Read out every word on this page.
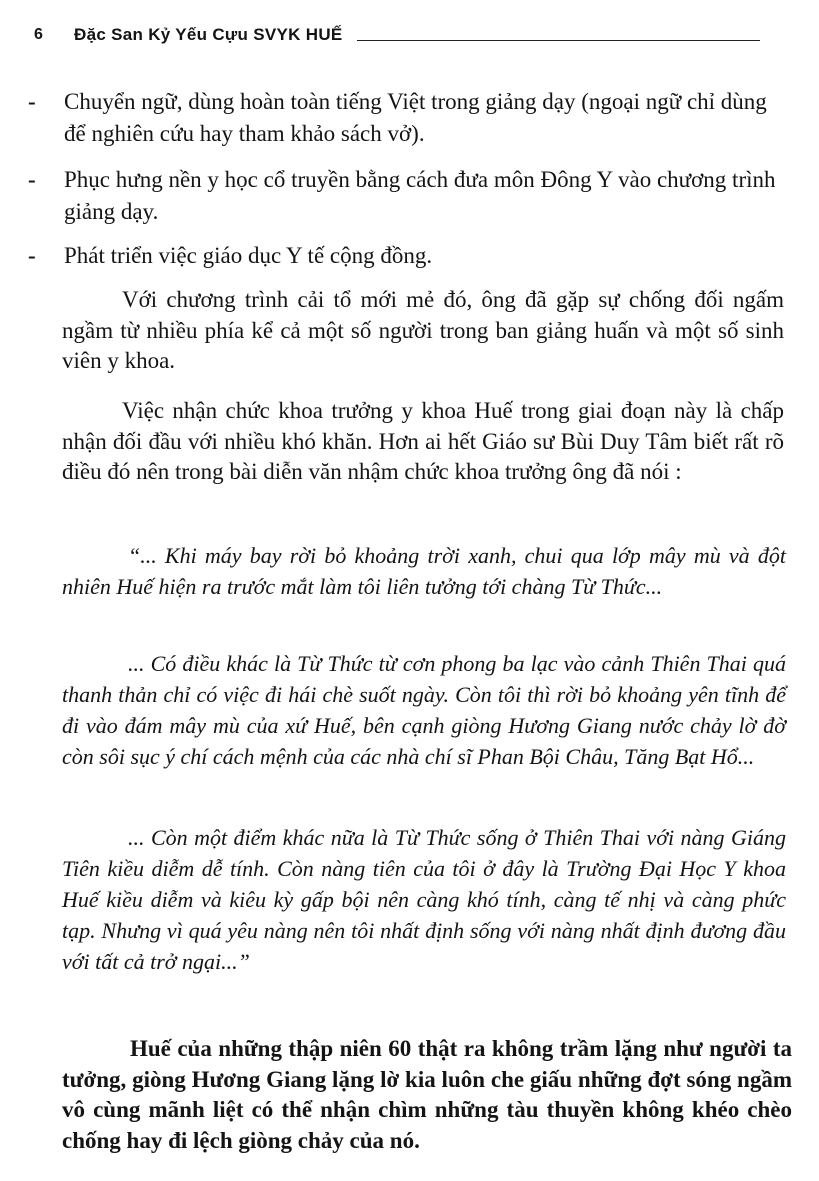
6	Đặc San Kỷ Yếu Cựu SVYK HUẾ
-	Chuyển ngữ, dùng hoàn toàn tiếng Việt trong giảng dạy (ngoại ngữ chỉ dùng để nghiên cứu hay tham khảo sách vở).
-	Phục hưng nền y học cổ truyền bằng cách đưa môn Đông Y vào chương trình giảng dạy.
-	Phát triển việc giáo dục Y tế cộng đồng.

Với chương trình cải tổ mới mẻ đó, ông đã gặp sự chống đối ngấm ngầm từ nhiều phía kể cả một số người trong ban giảng huấn và một số sinh viên y khoa.

Việc nhận chức khoa trưởng y khoa Huế trong giai đoạn này là chấp nhận đối đầu với nhiều khó khăn. Hơn ai hết Giáo sư Bùi Duy Tâm biết rất rõ điều đó nên trong bài diễn văn nhậm chức khoa trưởng ông đã nói :

“... Khi máy bay rời bỏ khoảng trời xanh, chui qua lớp mây mù và đột nhiên Huế hiện ra trước mắt làm tôi liên tưởng tới chàng Từ Thức...

... Có điều khác là Từ Thức từ cơn phong ba lạc vào cảnh Thiên Thai quá thanh thản chỉ có việc đi hái chè suốt ngày. Còn tôi thì rời bỏ khoảng yên tĩnh để đi vào đám mây mù của xứ Huế, bên cạnh giòng Hương Giang nước chảy lờ đờ còn sôi sục ý chí cách mệnh của các nhà chí sĩ Phan Bội Châu, Tăng Bạt Hổ...

... Còn một điểm khác nữa là Từ Thức sống ở Thiên Thai với nàng Giáng Tiên kiều diễm dễ tính. Còn nàng tiên của tôi ở đây là Trường Đại Học Y khoa Huế kiều diễm và kiêu kỳ gấp bội nên càng khó tính, càng tế nhị và càng phức tạp. Nhưng vì quá yêu nàng nên tôi nhất định sống với nàng nhất định đương đầu với tất cả trở ngại...”

Huế của những thập niên 60 thật ra không trầm lặng như người ta tưởng, giòng Hương Giang lặng lờ kia luôn che giấu những đợt sóng ngầm vô cùng mãnh liệt có thể nhận chìm những tàu thuyền không khéo chèo chống hay đi lệch giòng chảy của nó.
